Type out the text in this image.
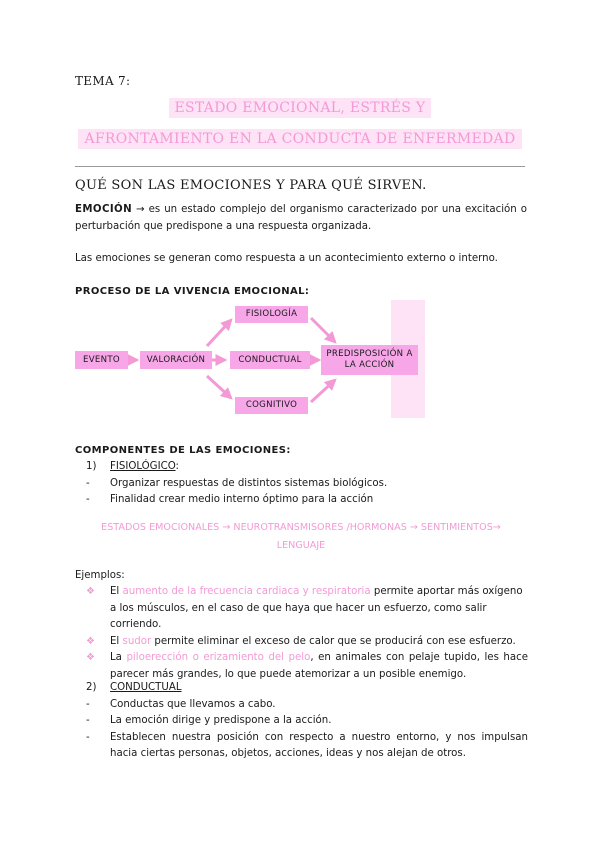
TEMA 7:
ESTADO EMOCIONAL, ESTRÉS Y
AFRONTAMIENTO EN LA CONDUCTA DE ENFERMEDAD
QUÉ SON LAS EMOCIONES Y PARA QUÉ SIRVEN.
EMOCIÓN → es un estado complejo del organismo caracterizado por una excitación o perturbación que predispone a una respuesta organizada.
Las emociones se generan como respuesta a un acontecimiento externo o interno.
PROCESO DE LA VIVENCIA EMOCIONAL:
EVENTO	VALORACIÓN
FISIOLOGÍA
CONDUCTUAL
COGNITIVO
PREDISPOSICIÓN A LA ACCIÓN
COMPONENTES DE LAS EMOCIONES:
1)	FISIOLÓGICO:
-	Organizar respuestas de distintos sistemas biológicos.
-	Finalidad crear medio interno óptimo para la acción
ESTADOS EMOCIONALES → NEUROTRANSMISORES /HORMONAS → SENTIMIENTOS→
LENGUAJE
Ejemplos:
❖	El aumento de la frecuencia cardiaca y respiratoria permite aportar más oxígeno a los músculos, en el caso de que haya que hacer un esfuerzo, como salir corriendo.
❖	El sudor permite eliminar el exceso de calor que se producirá con ese esfuerzo.
❖	La piloerección o erizamiento del pelo, en animales con pelaje tupido, les hace parecer más grandes, lo que puede atemorizar a un posible enemigo.
2)	CONDUCTUAL
-	Conductas que llevamos a cabo.
-	La emoción dirige y predispone a la acción.
-	Establecen nuestra posición con respecto a nuestro entorno, y nos impulsan hacia ciertas personas, objetos, acciones, ideas y nos alejan de otros.
